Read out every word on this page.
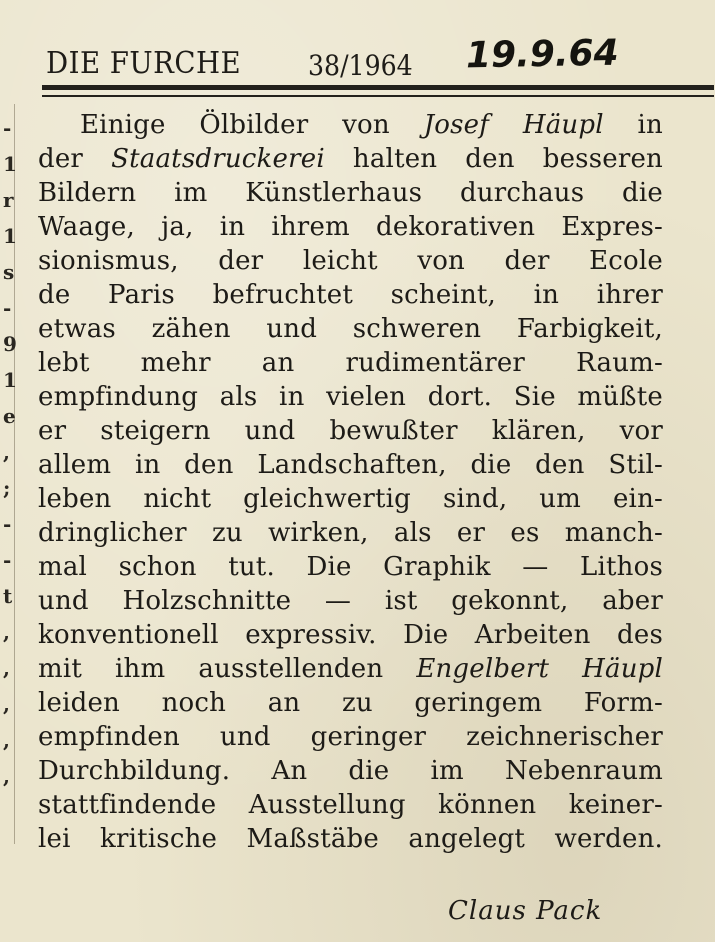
DIE FURCHE 38/1964 19.9.64
-
1
r
1
s
-
9
1
e
,
;
-
-
t
,
,
,
,
,
Einige Ölbilder von Josef Häupl in
der Staatsdruckerei halten den besseren
Bildern im Künstlerhaus durchaus die
Waage, ja, in ihrem dekorativen Expres-
sionismus, der leicht von der Ecole
de Paris befruchtet scheint, in ihrer
etwas zähen und schweren Farbigkeit,
lebt mehr an rudimentärer Raum-
empfindung als in vielen dort. Sie müßte
er steigern und bewußter klären, vor
allem in den Landschaften, die den Stil-
leben nicht gleichwertig sind, um ein-
dringlicher zu wirken, als er es manch-
mal schon tut. Die Graphik — Lithos
und Holzschnitte — ist gekonnt, aber
konventionell expressiv. Die Arbeiten des
mit ihm ausstellenden Engelbert Häupl
leiden noch an zu geringem Form-
empfinden und geringer zeichnerischer
Durchbildung. An die im Nebenraum
stattfindende Ausstellung können keiner-
lei kritische Maßstäbe angelegt werden.
Claus Pack
